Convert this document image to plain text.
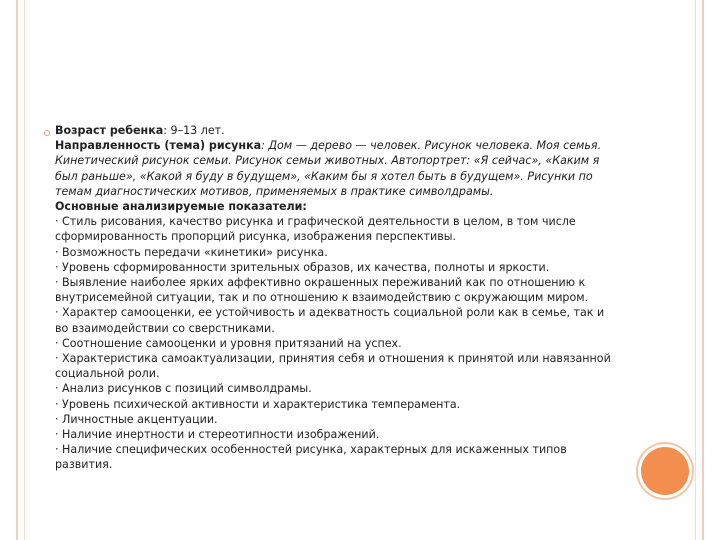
Возраст ребенка: 9–13 лет.

Направленность (тема) рисунка: Дом — дерево — человек. Рисунок человека. Моя семья. Кинетический рисунок семьи. Рисунок семьи животных. Автопортрет: «Я сейчас», «Каким я был раньше», «Какой я буду в будущем», «Каким бы я хотел быть в будущем». Рисунки по темам диагностических мотивов, применяемых в практике символдрамы.

Основные анализируемые показатели:

· Стиль рисования, качество рисунка и графической деятельности в целом, в том числе сформированность пропорций рисунка, изображения перспективы.

· Возможность передачи «кинетики» рисунка.

· Уровень сформированности зрительных образов, их качества, полноты и яркости.

· Выявление наиболее ярких аффективно окрашенных переживаний как по отношению к внутрисемейной ситуации, так и по отношению к взаимодействию с окружающим миром.

· Характер самооценки, ее устойчивость и адекватность социальной роли как в семье, так и во взаимодействии со сверстниками.

· Соотношение самооценки и уровня притязаний на успех.

· Характеристика самоактуализации, принятия себя и отношения к принятой или навязанной социальной роли.

· Анализ рисунков с позиций символдрамы.

· Уровень психической активности и характеристика темперамента.

· Личностные акцентуации.

· Наличие инертности и стереотипности изображений.

· Наличие специфических особенностей рисунка, характерных для искаженных типов развития.
